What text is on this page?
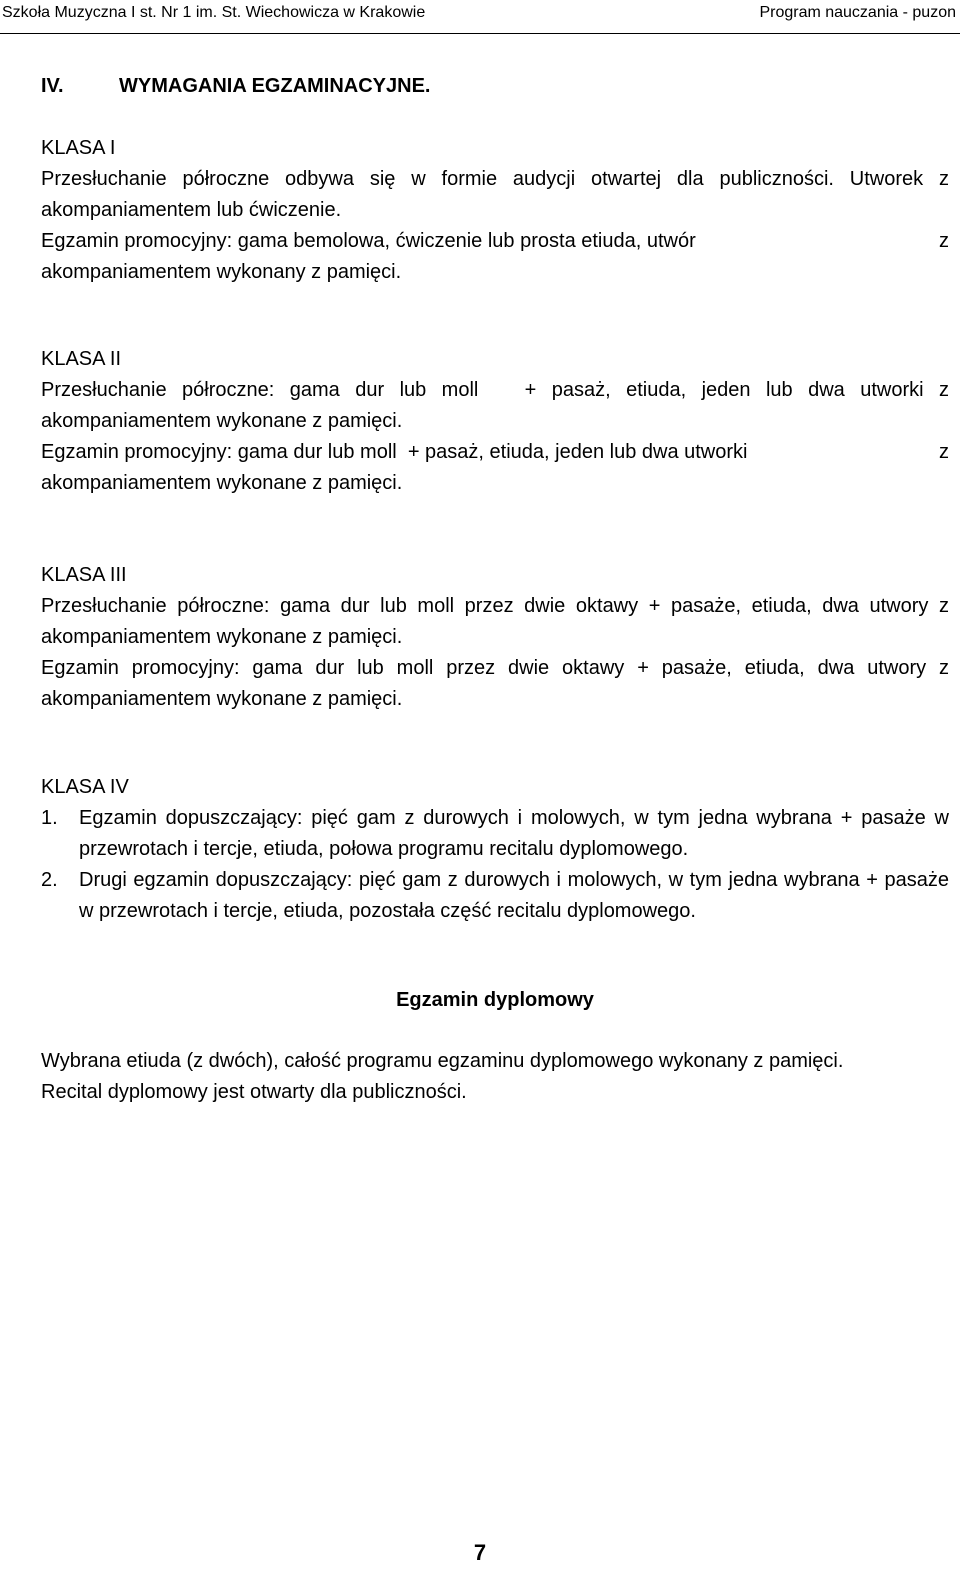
Szkoła Muzyczna I st. Nr 1 im. St. Wiechowicza w Krakowie	Program nauczania - puzon
IV.	WYMAGANIA EGZAMINACYJNE.
KLASA I
Przesłuchanie półroczne odbywa się w formie audycji otwartej dla publiczności. Utworek z akompaniamentem lub ćwiczenie.
Egzamin promocyjny: gama bemolowa, ćwiczenie lub prosta etiuda, utwór	z
akompaniamentem wykonany z pamięci.
KLASA II
Przesłuchanie półroczne: gama dur lub moll   + pasaż, etiuda, jeden lub dwa utworki z akompaniamentem wykonane z pamięci.
Egzamin promocyjny: gama dur lub moll  + pasaż, etiuda, jeden lub dwa utworki	z
akompaniamentem wykonane z pamięci.
KLASA III
Przesłuchanie półroczne: gama dur lub moll przez dwie oktawy + pasaże, etiuda, dwa utwory z akompaniamentem wykonane z pamięci.
Egzamin promocyjny: gama dur lub moll przez dwie oktawy + pasaże, etiuda, dwa utwory z akompaniamentem wykonane z pamięci.
KLASA IV
1. Egzamin dopuszczający: pięć gam z durowych i molowych, w tym jedna wybrana + pasaże w przewrotach i tercje, etiuda, połowa programu recitalu dyplomowego.
2. Drugi egzamin dopuszczający: pięć gam z durowych i molowych, w tym jedna wybrana + pasaże w przewrotach i tercje, etiuda, pozostała część recitalu dyplomowego.
Egzamin dyplomowy
Wybrana etiuda (z dwóch), całość programu egzaminu dyplomowego wykonany z pamięci.
Recital dyplomowy jest otwarty dla publiczności.
7
